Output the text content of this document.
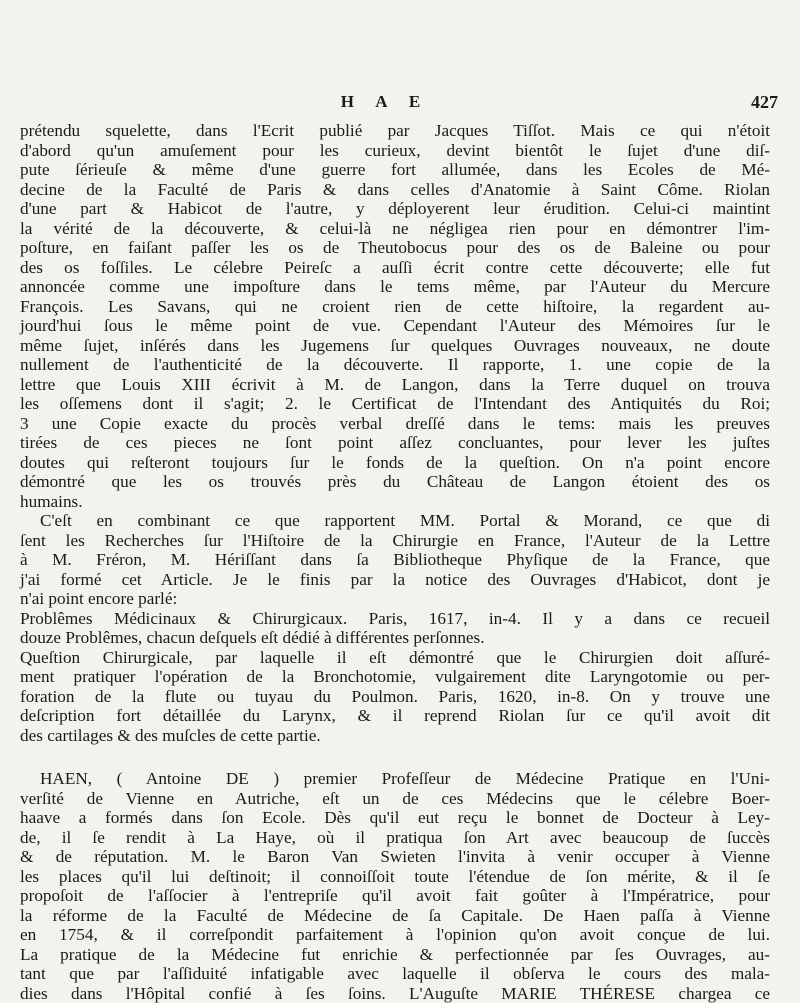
H A E	427
prétendu squelette, dans l'Ecrit publié par Jacques Tiſſot. Mais ce qui n'étoit
d'abord qu'un amuſement pour les curieux, devint bientôt le ſujet d'une diſ-
pute ſérieuſe & même d'une guerre fort allumée, dans les Ecoles de Mé-
decine de la Faculté de Paris & dans celles d'Anatomie à Saint Côme. Riolan
d'une part & Habicot de l'autre, y déployerent leur érudition. Celui-ci maintint
la vérité de la découverte, & celui-là ne négligea rien pour en démontrer l'im-
poſture, en faiſant paſſer les os de Theutobocus pour des os de Baleine ou pour
des os foſſiles. Le célebre Peireſc a auſſi écrit contre cette découverte; elle fut
annoncée comme une impoſture dans le tems même, par l'Auteur du Mercure
François. Les Savans, qui ne croient rien de cette hiſtoire, la regardent au-
jourd'hui ſous le même point de vue. Cependant l'Auteur des Mémoires ſur le
même ſujet, inſérés dans les Jugemens ſur quelques Ouvrages nouveaux, ne doute
nullement de l'authenticité de la découverte. Il rapporte, 1. une copie de la
lettre que Louis XIII écrivit à M. de Langon, dans la Terre duquel on trouva
les oſſemens dont il s'agit; 2. le Certificat de l'Intendant des Antiquités du Roi;
3 une Copie exacte du procès verbal dreſſé dans le tems: mais les preuves
tirées de ces pieces ne ſont point aſſez concluantes, pour lever les juſtes
doutes qui reſteront toujours ſur le fonds de la queſtion. On n'a point encore
démontré que les os trouvés près du Château de Langon étoient des os
humains.
C'eſt en combinant ce que rapportent MM. Portal & Morand, ce que di
ſent les Recherches ſur l'Hiſtoire de la Chirurgie en France, l'Auteur de la Lettre
à M. Fréron, M. Hériſſant dans ſa Bibliotheque Phyſique de la France, que
j'ai formé cet Article. Je le finis par la notice des Ouvrages d'Habicot, dont je
n'ai point encore parlé:
Problêmes Médicinaux & Chirurgicaux. Paris, 1617, in-4. Il y a dans ce recueil
douze Problêmes, chacun deſquels eſt dédié à différentes perſonnes.
Queſtion Chirurgicale, par laquelle il eſt démontré que le Chirurgien doit aſſuré-
ment pratiquer l'opération de la Bronchotomie, vulgairement dite Laryngotomie ou per-
foration de la flute ou tuyau du Poulmon. Paris, 1620, in-8. On y trouve une
deſcription fort détaillée du Larynx, & il reprend Riolan ſur ce qu'il avoit dit
des cartilages & des muſcles de cette partie.
HAEN, ( Antoine DE ) premier Profeſſeur de Médecine Pratique en l'Uni-
verſité de Vienne en Autriche, eſt un de ces Médecins que le célebre Boer-
haave a formés dans ſon Ecole. Dès qu'il eut reçu le bonnet de Docteur à Ley-
de, il ſe rendit à La Haye, où il pratiqua ſon Art avec beaucoup de ſuccès
& de réputation. M. le Baron Van Swieten l'invita à venir occuper à Vienne
les places qu'il lui deſtinoit; il connoiſſoit toute l'étendue de ſon mérite, & il ſe
propoſoit de l'aſſocier à l'entrepriſe qu'il avoit fait goûter à l'Impératrice, pour
la réforme de la Faculté de Médecine de ſa Capitale. De Haen paſſa à Vienne
en 1754, & il correſpondit parfaitement à l'opinion qu'on avoit conçue de lui.
La pratique de la Médecine fut enrichie & perfectionnée par ſes Ouvrages, au-
tant que par l'aſſiduité infatigable avec laquelle il obſerva le cours des mala-
dies dans l'Hôpital confié à ſes ſoins. L'Auguſte MARIE THÉRESE chargea ce
